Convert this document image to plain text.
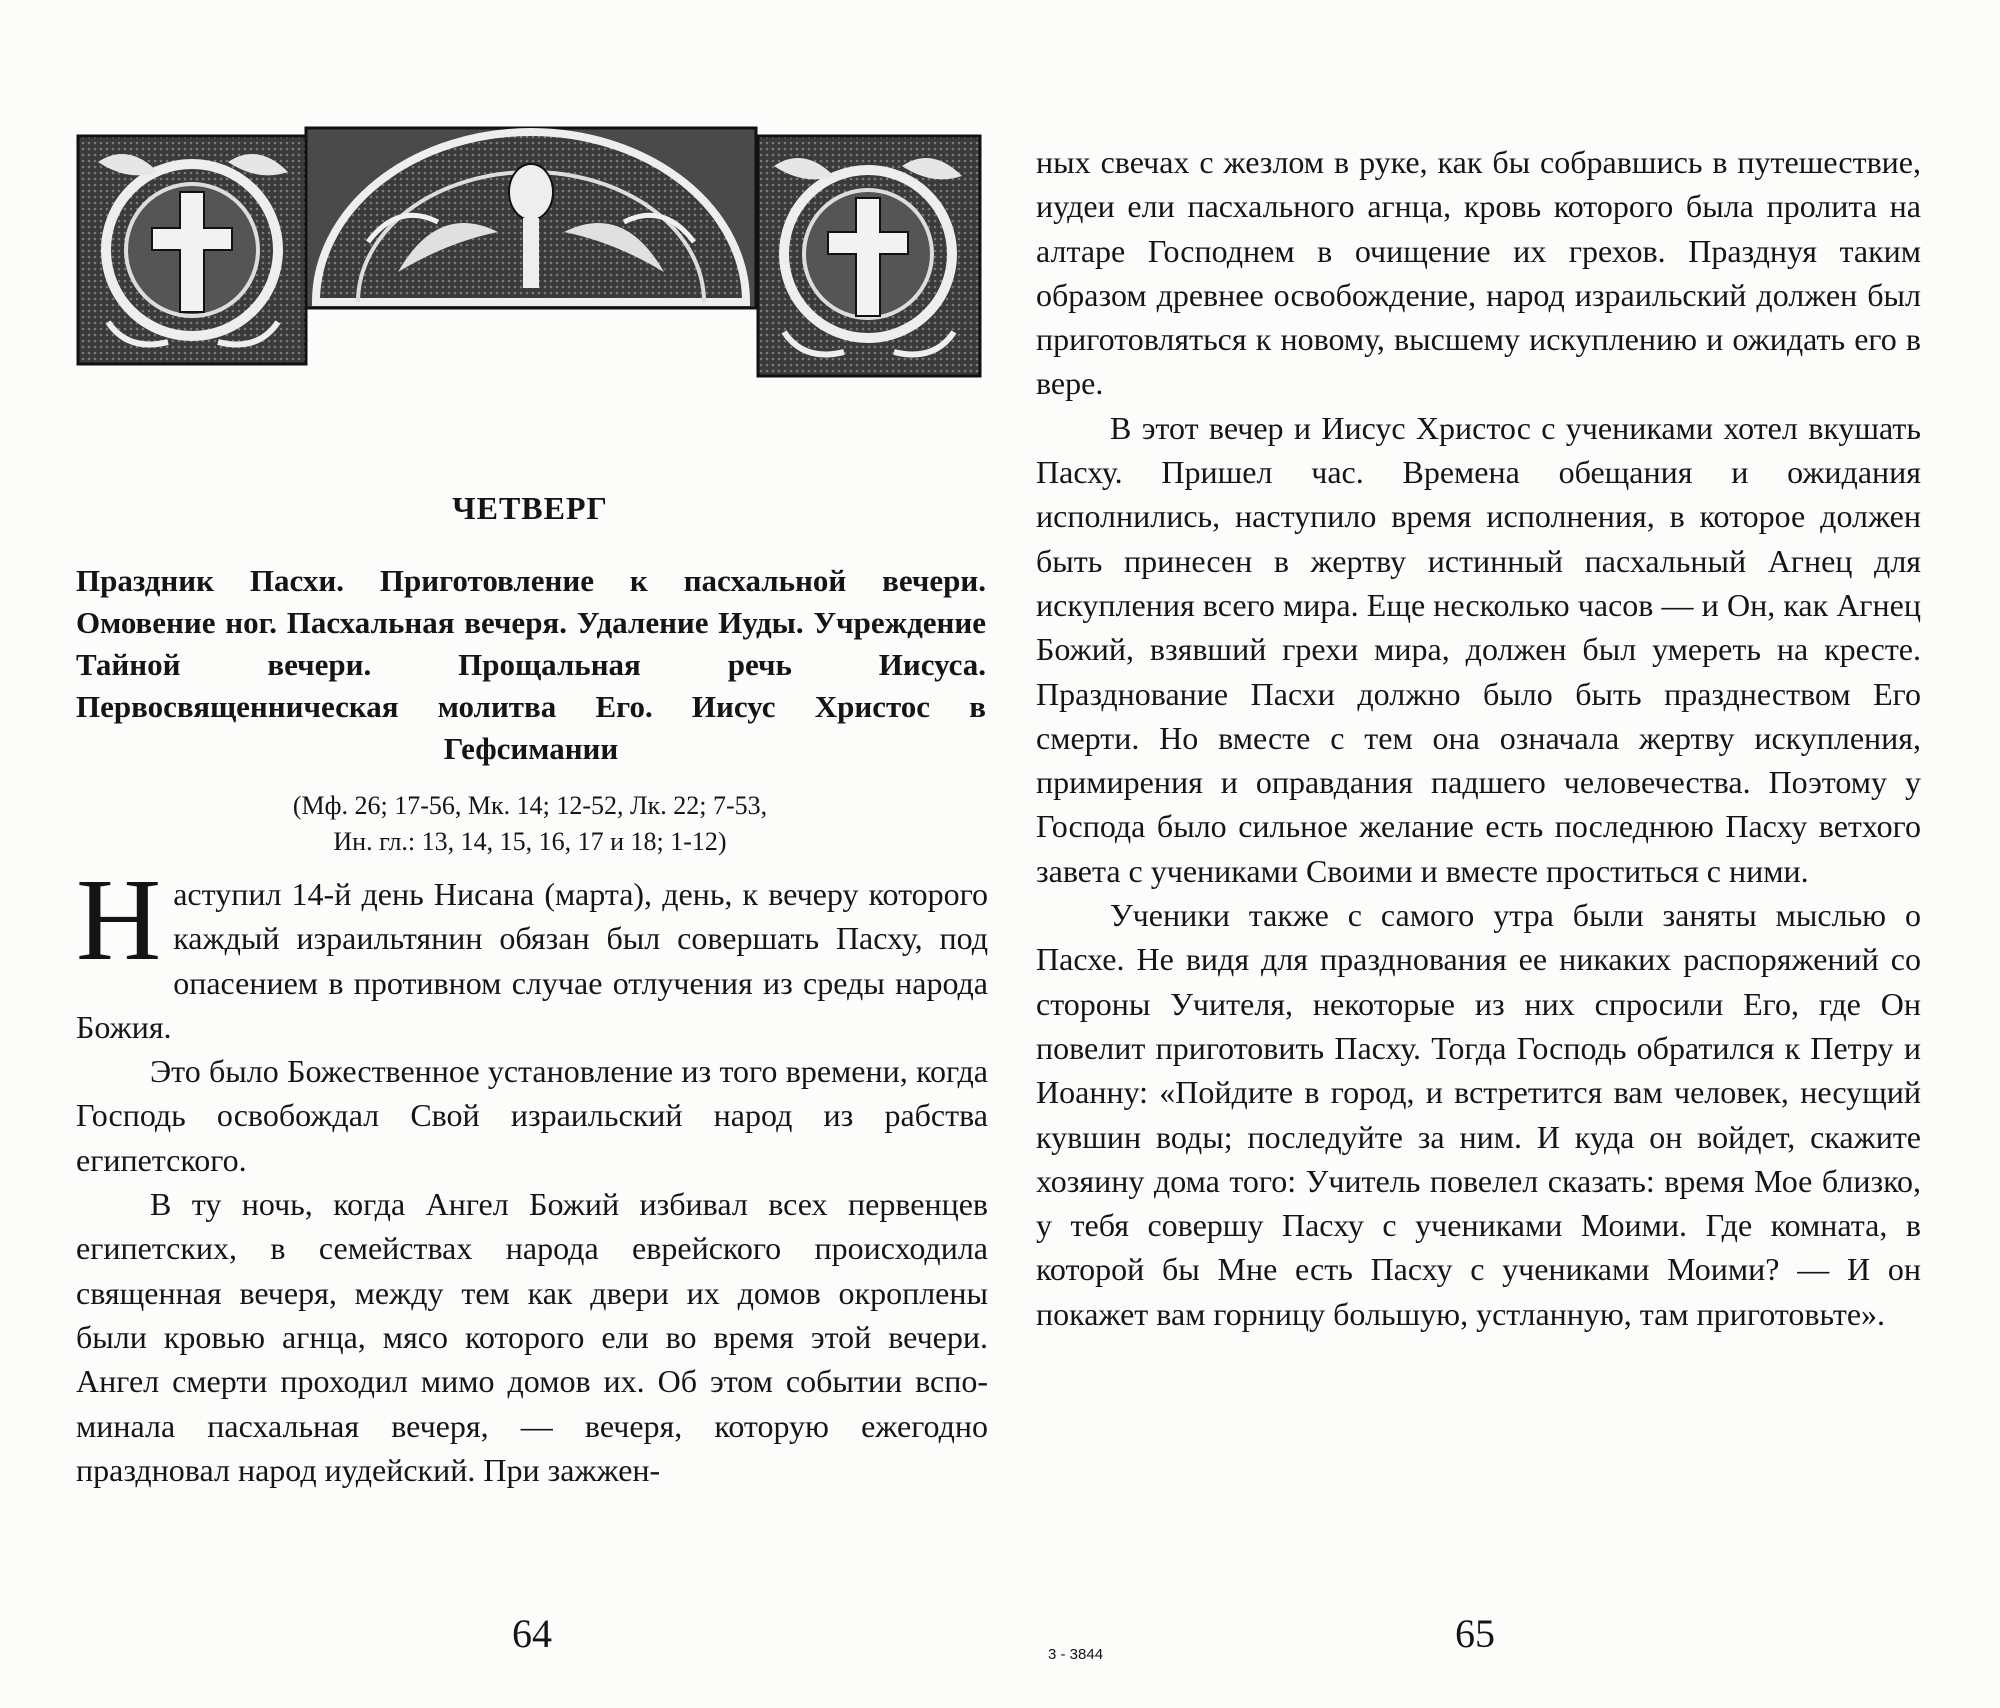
ЧЕТВЕРГ
Праздник Пасхи. Приготовление к пасхальной вечери. Омовение ног. Пасхальная вечеря. Удаление Иуды. Учреждение Тайной вечери. Прощальная речь Иисуса. Первосвященническая молитва Его. Иисус Христос в Гефсимании
(Мф. 26; 17-56, Мк. 14; 12-52, Лк. 22; 7-53,
Ин. гл.: 13, 14, 15, 16, 17 и 18; 1-12)

Наступил 14-й день Нисана (марта), день, к вечеру которого каждый израильтянин обязан был совершать Пасху, под опасением в противном случае отлучения из среды народа Божия.

Это было Божественное установление из того времени, когда Господь освобождал Свой израильский народ из рабства египетского.

В ту ночь, когда Ангел Божий избивал всех первенцев египетских, в семействах народа еврейского происходила священная вечеря, между тем как двери их домов окроплены были кровью агнца, мясо которого ели во время этой вечери. Ангел смерти проходил мимо домов их. Об этом событии вспоминала пасхальная вечеря, — вечеря, которую ежегодно праздновал народ иудейский. При зажжен-

64

ных свечах с жезлом в руке, как бы собравшись в путешествие, иудеи ели пасхального агнца, кровь которого была пролита на алтаре Господнем в очищение их грехов. Празднуя таким образом древнее освобождение, народ израильский должен был приготовляться к новому, высшему искуплению и ожидать его в вере.

В этот вечер и Иисус Христос с учениками хотел вкушать Пасху. Пришел час. Времена обещания и ожидания исполнились, наступило время исполнения, в которое должен быть принесен в жертву истинный пасхальный Агнец для искупления всего мира. Еще несколько часов — и Он, как Агнец Божий, взявший грехи мира, должен был умереть на кресте. Празднование Пасхи должно было быть празднеством Его смерти. Но вместе с тем она означала жертву искупления, примирения и оправдания падшего человечества. Поэтому у Господа было сильное желание есть последнюю Пасху ветхого завета с учениками Своими и вместе проститься с ними.

Ученики также с самого утра были заняты мыслью о Пасхе. Не видя для празднования ее никаких распоряжений со стороны Учителя, некоторые из них спросили Его, где Он повелит приготовить Пасху. Тогда Господь обратился к Петру и Иоанну: «Пойдите в город, и встретится вам человек, несущий кувшин воды; последуйте за ним. И куда он войдет, скажите хозяину дома того: Учитель повелел сказать: время Мое близко, у тебя совершу Пасху с учениками Моими. Где комната, в которой бы Мне есть Пасху с учениками Моими? — И он покажет вам горницу большую, устланную, там приготовьте».

3 - 3844	65
